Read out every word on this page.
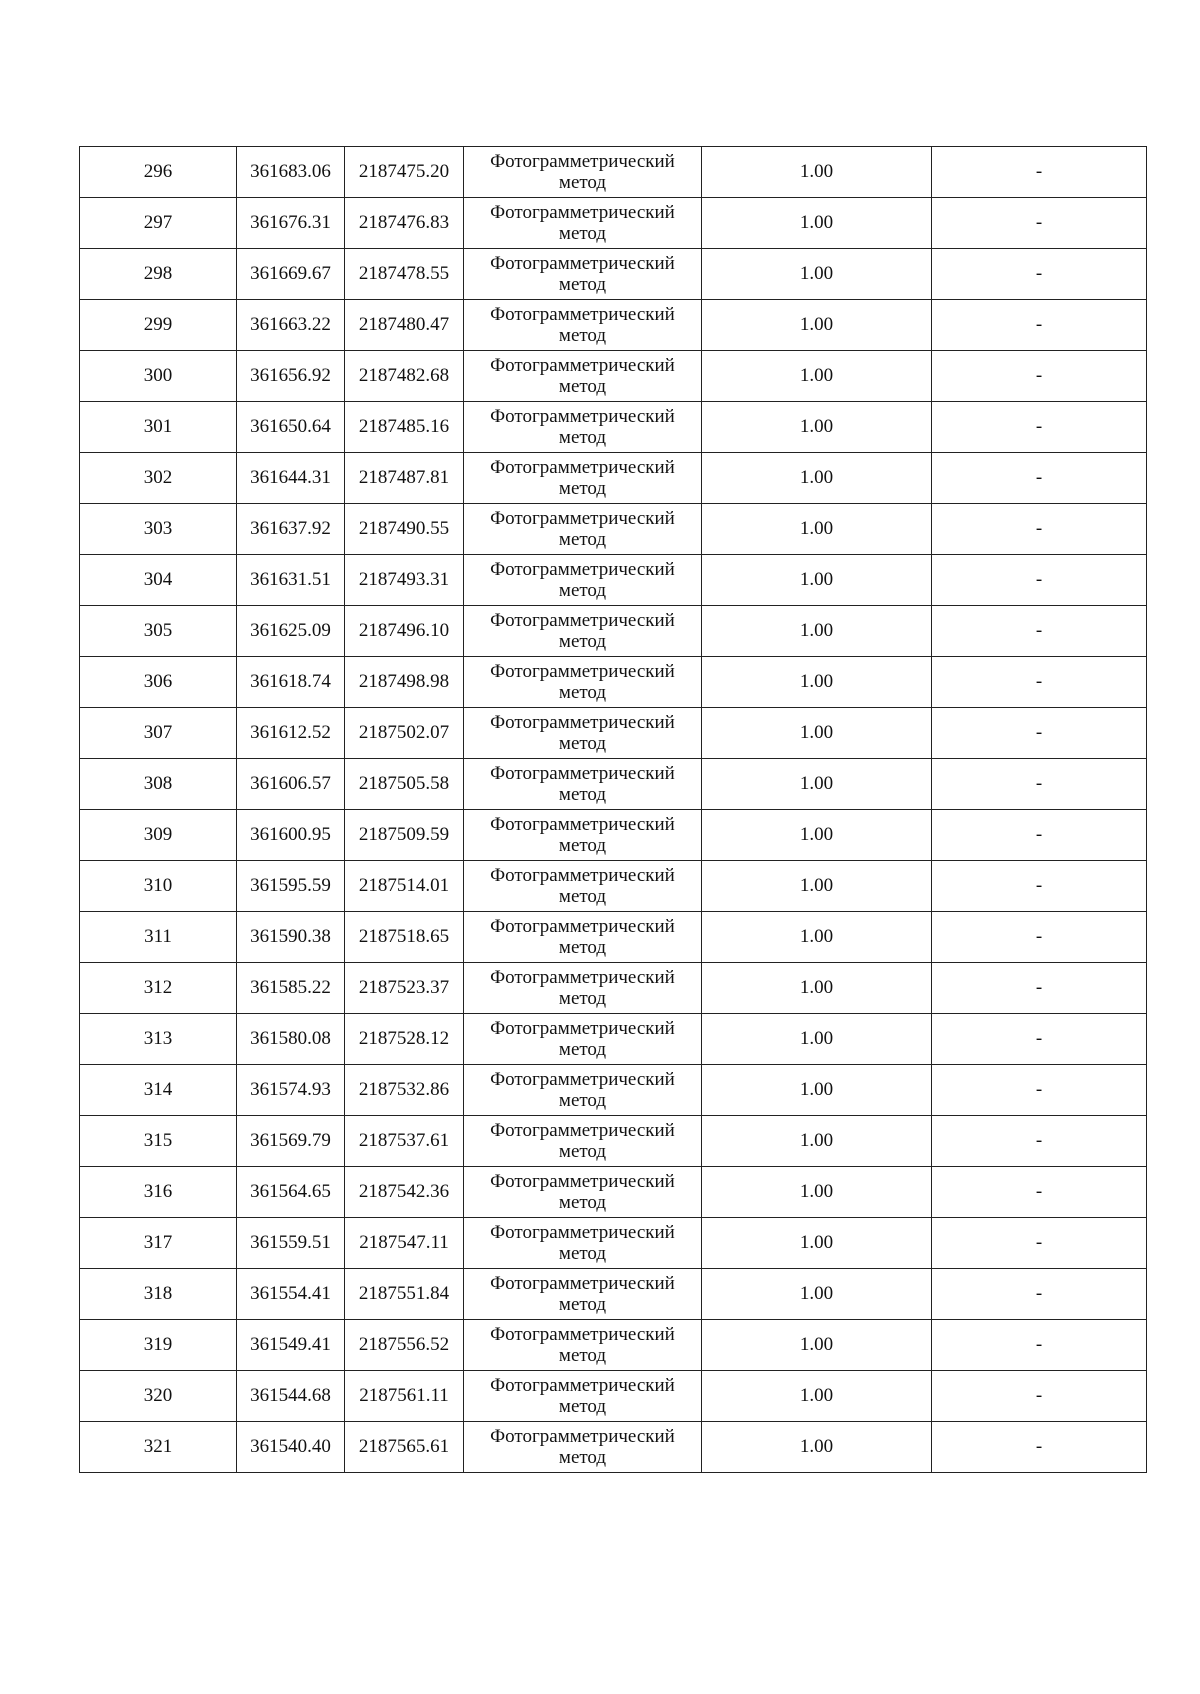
296	361683.06	2187475.20	Фотограмметрический метод	1.00	-
297	361676.31	2187476.83	Фотограмметрический метод	1.00	-
298	361669.67	2187478.55	Фотограмметрический метод	1.00	-
299	361663.22	2187480.47	Фотограмметрический метод	1.00	-
300	361656.92	2187482.68	Фотограмметрический метод	1.00	-
301	361650.64	2187485.16	Фотограмметрический метод	1.00	-
302	361644.31	2187487.81	Фотограмметрический метод	1.00	-
303	361637.92	2187490.55	Фотограмметрический метод	1.00	-
304	361631.51	2187493.31	Фотограмметрический метод	1.00	-
305	361625.09	2187496.10	Фотограмметрический метод	1.00	-
306	361618.74	2187498.98	Фотограмметрический метод	1.00	-
307	361612.52	2187502.07	Фотограмметрический метод	1.00	-
308	361606.57	2187505.58	Фотограмметрический метод	1.00	-
309	361600.95	2187509.59	Фотограмметрический метод	1.00	-
310	361595.59	2187514.01	Фотограмметрический метод	1.00	-
311	361590.38	2187518.65	Фотограмметрический метод	1.00	-
312	361585.22	2187523.37	Фотограмметрический метод	1.00	-
313	361580.08	2187528.12	Фотограмметрический метод	1.00	-
314	361574.93	2187532.86	Фотограмметрический метод	1.00	-
315	361569.79	2187537.61	Фотограмметрический метод	1.00	-
316	361564.65	2187542.36	Фотограмметрический метод	1.00	-
317	361559.51	2187547.11	Фотограмметрический метод	1.00	-
318	361554.41	2187551.84	Фотограмметрический метод	1.00	-
319	361549.41	2187556.52	Фотограмметрический метод	1.00	-
320	361544.68	2187561.11	Фотограмметрический метод	1.00	-
321	361540.40	2187565.61	Фотограмметрический метод	1.00	-
